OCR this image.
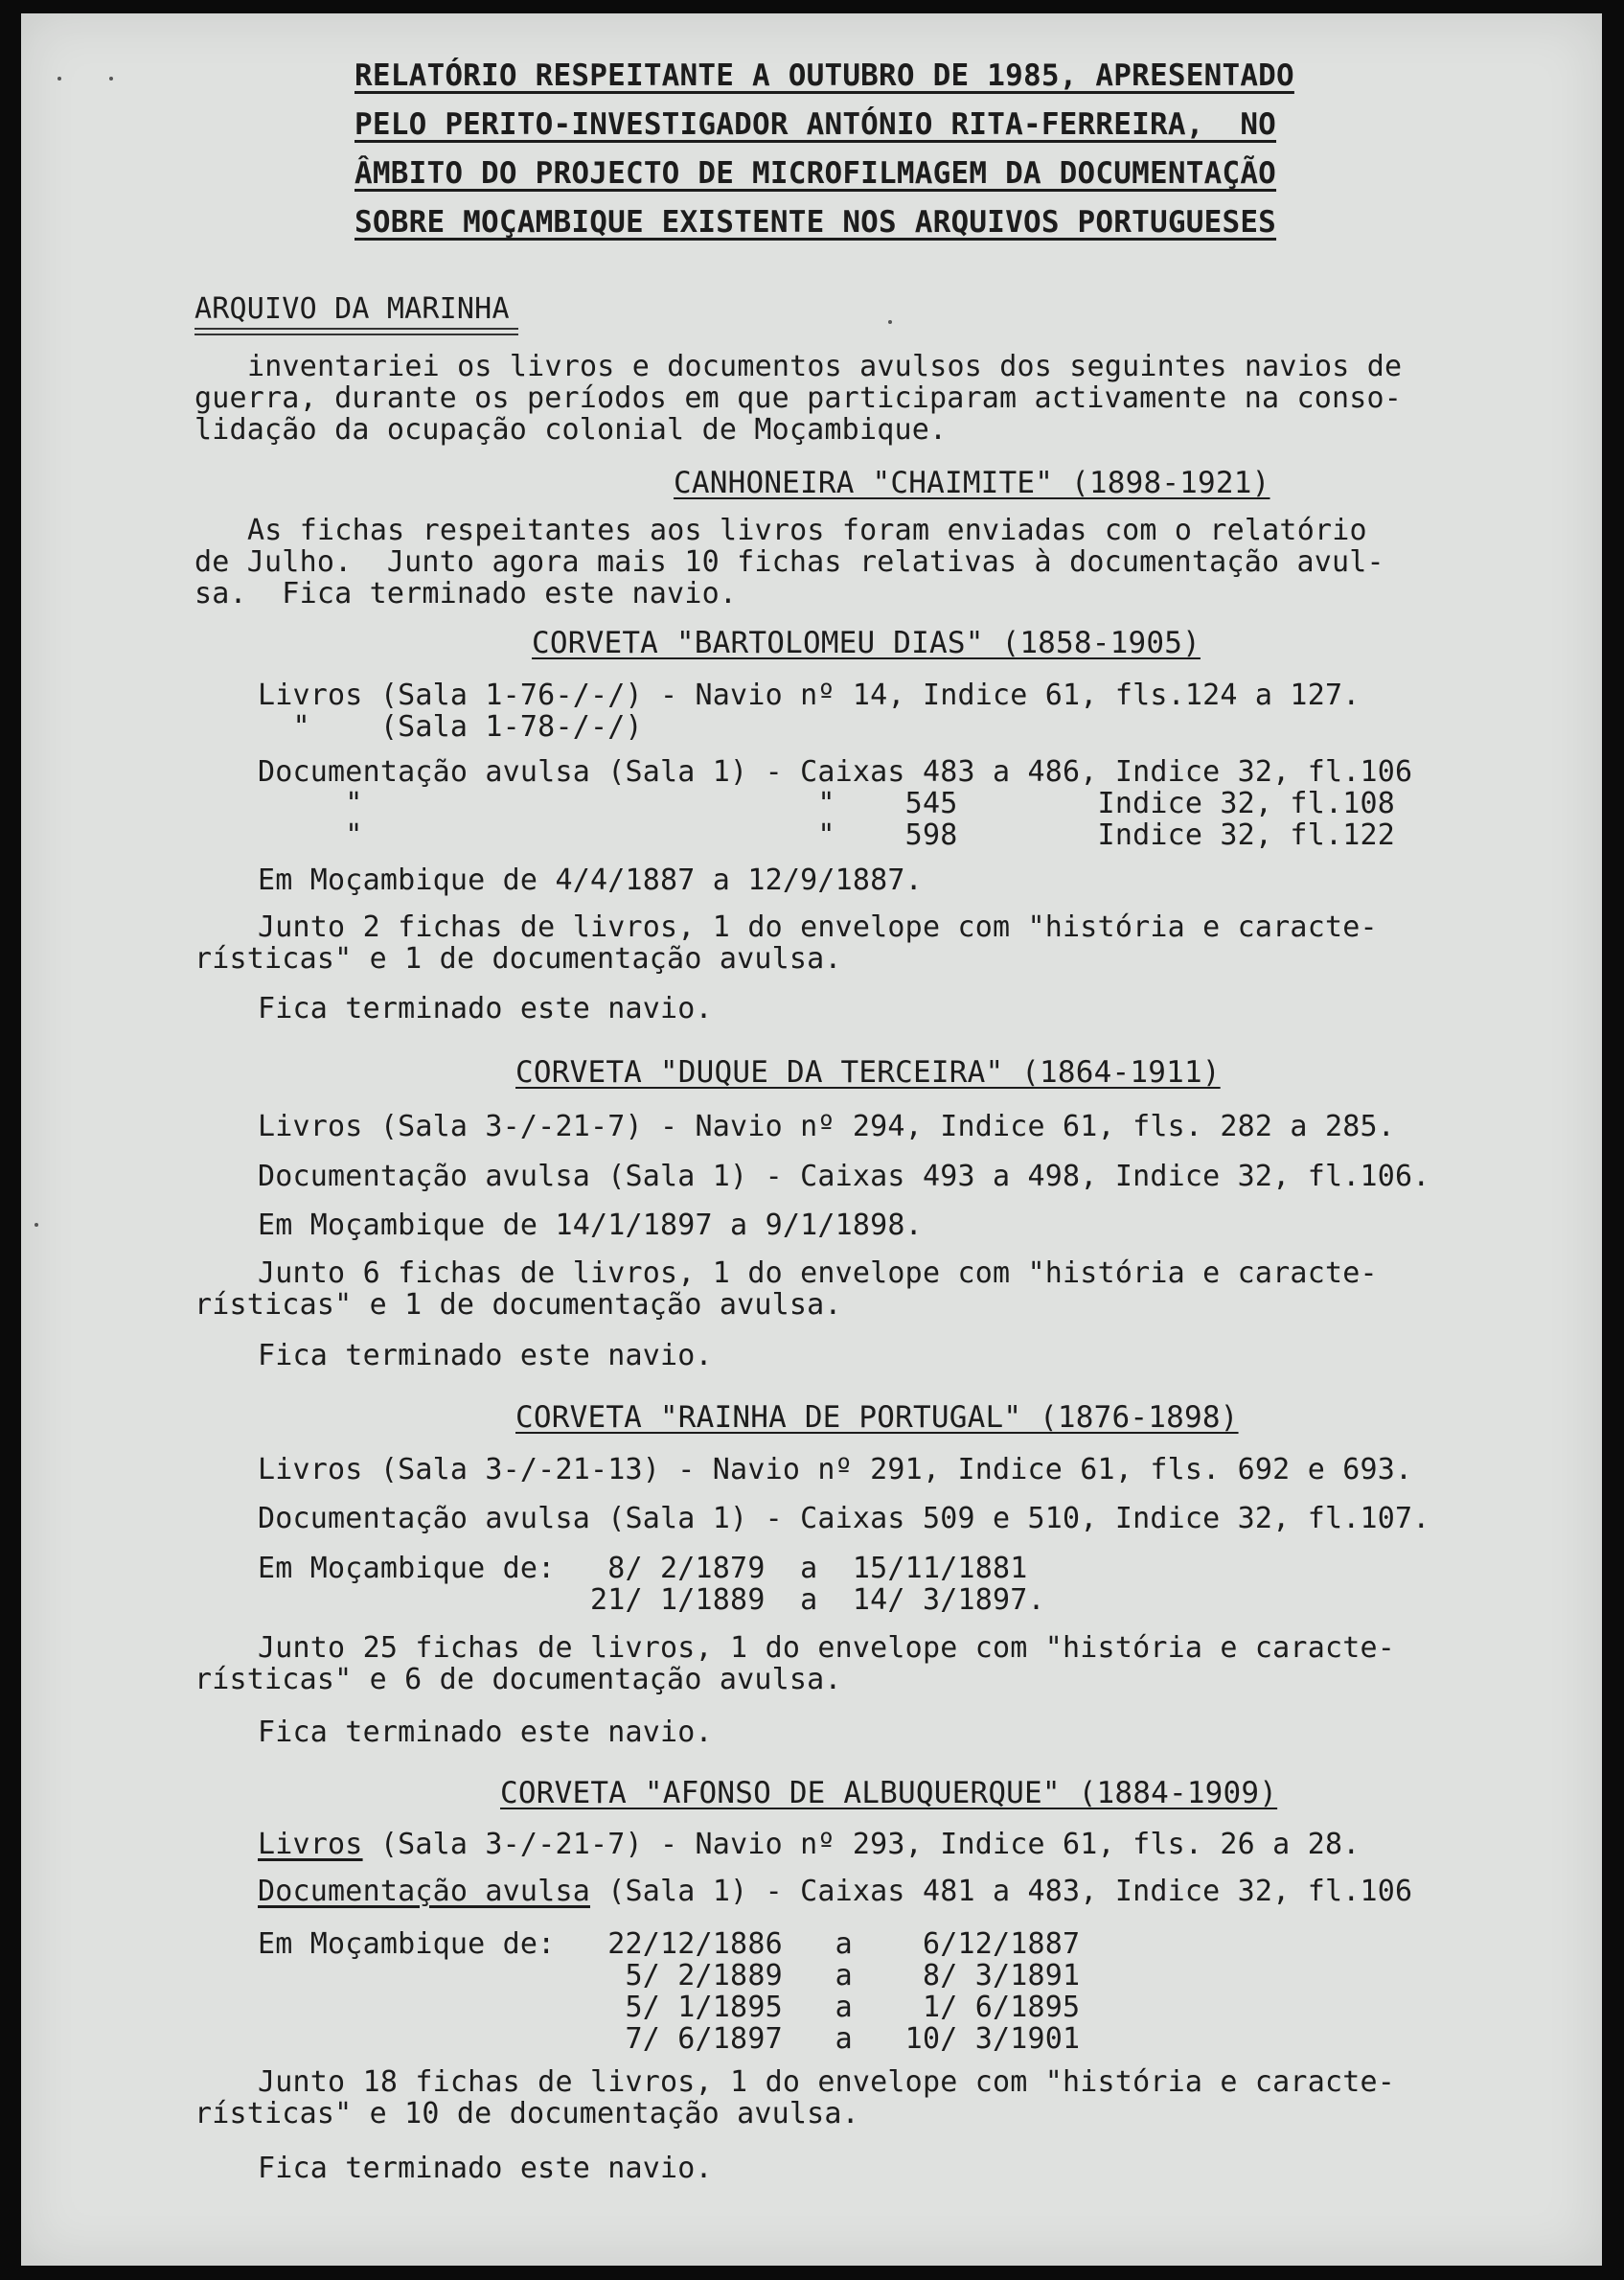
RELATÓRIO RESPEITANTE A OUTUBRO DE 1985, APRESENTADO
PELO PERITO-INVESTIGADOR ANTÓNIO RITA-FERREIRA,  NO
ÂMBITO DO PROJECTO DE MICROFILMAGEM DA DOCUMENTAÇÃO
SOBRE MOÇAMBIQUE EXISTENTE NOS ARQUIVOS PORTUGUESES
ARQUIVO DA MARINHA
inventariei os livros e documentos avulsos dos seguintes navios de
guerra, durante os períodos em que participaram activamente na conso-
lidação da ocupação colonial de Moçambique.
CANHONEIRA "CHAIMITE" (1898-1921)
As fichas respeitantes aos livros foram enviadas com o relatório
de Julho.  Junto agora mais 10 fichas relativas à documentação avul-
sa.  Fica terminado este navio.
CORVETA "BARTOLOMEU DIAS" (1858-1905)
Livros (Sala 1-76-/-/) - Navio nº 14, Indice 61, fls.124 a 127.
"    (Sala 1-78-/-/)
Documentação avulsa (Sala 1) - Caixas 483 a 486, Indice 32, fl.106
"                          "    545        Indice 32, fl.108
"                          "    598        Indice 32, fl.122
Em Moçambique de 4/4/1887 a 12/9/1887.
Junto 2 fichas de livros, 1 do envelope com "história e caracte-
rísticas" e 1 de documentação avulsa.
Fica terminado este navio.
CORVETA "DUQUE DA TERCEIRA" (1864-1911)
Livros (Sala 3-/-21-7) - Navio nº 294, Indice 61, fls. 282 a 285.
Documentação avulsa (Sala 1) - Caixas 493 a 498, Indice 32, fl.106.
Em Moçambique de 14/1/1897 a 9/1/1898.
Junto 6 fichas de livros, 1 do envelope com "história e caracte-
rísticas" e 1 de documentação avulsa.
Fica terminado este navio.
CORVETA "RAINHA DE PORTUGAL" (1876-1898)
Livros (Sala 3-/-21-13) - Navio nº 291, Indice 61, fls. 692 e 693.
Documentação avulsa (Sala 1) - Caixas 509 e 510, Indice 32, fl.107.
Em Moçambique de:   8/ 2/1879  a  15/11/1881
21/ 1/1889  a  14/ 3/1897.
Junto 25 fichas de livros, 1 do envelope com "história e caracte-
rísticas" e 6 de documentação avulsa.
Fica terminado este navio.
CORVETA "AFONSO DE ALBUQUERQUE" (1884-1909)
Livros (Sala 3-/-21-7) - Navio nº 293, Indice 61, fls. 26 a 28.
Documentação avulsa (Sala 1) - Caixas 481 a 483, Indice 32, fl.106
Em Moçambique de:   22/12/1886   a    6/12/1887
5/ 2/1889   a    8/ 3/1891
5/ 1/1895   a    1/ 6/1895
7/ 6/1897   a   10/ 3/1901
Junto 18 fichas de livros, 1 do envelope com "história e caracte-
rísticas" e 10 de documentação avulsa.
Fica terminado este navio.
